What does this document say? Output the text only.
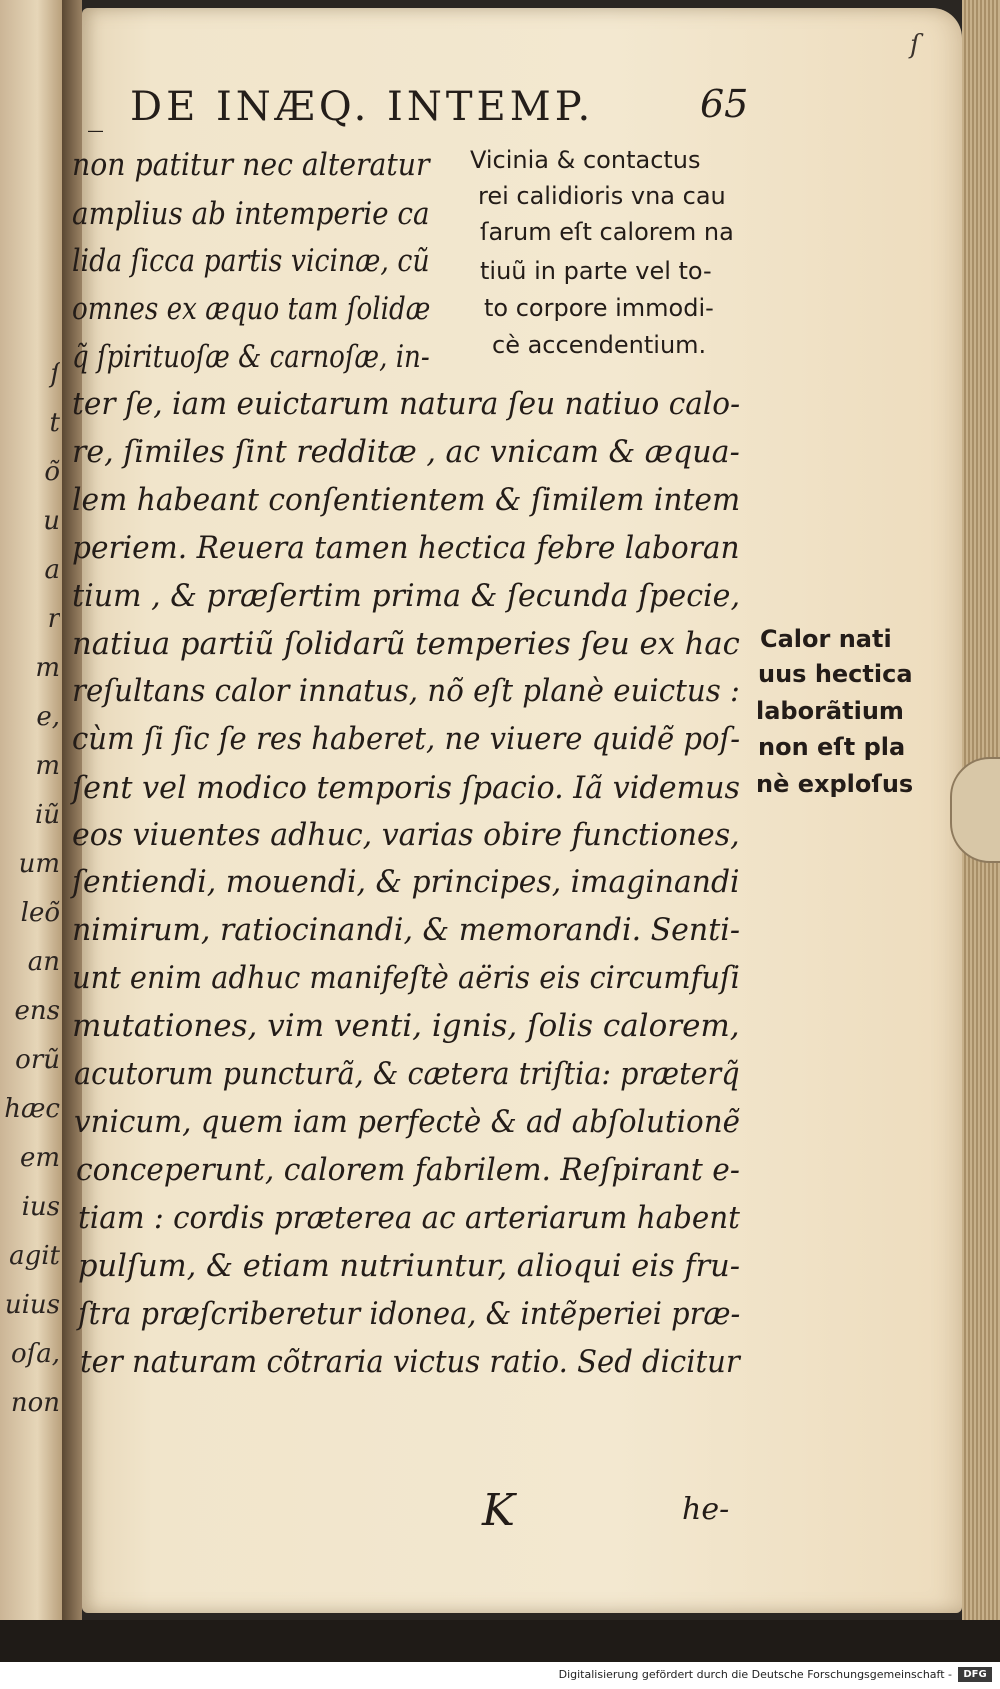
ſ
t
õ
u
a
r
m
e,
m
iũ
um
leõ
an
ens
orũ
hæc
em
ius
agit
uius
oſa,
non
_ DE INÆQ. INTEMP.	65
ſ
Vicinia & contactus
rei calidioris vna cau
ſarum eſt calorem na
tiuũ in parte vel to-
to corpore immodi-
cè accendentium.
non patitur nec alteratur
amplius ab intemperie ca
lida ſicca partis vicinæ, cũ
omnes ex æquo tam ſolidæ
q̃ ſpirituoſæ & carnoſæ, in-
ter ſe, iam euictarum natura ſeu natiuo calo-
re, ſimiles ſint redditæ , ac vnicam & æqua-
lem habeant conſentientem & ſimilem intem
periem. Reuera tamen hectica febre laboran
tium , & præſertim prima & ſecunda ſpecie,
natiua partiũ ſolidarũ temperies ſeu ex hac
reſultans calor innatus, nõ eſt planè euictus :
cùm ſi ſic ſe res haberet, ne viuere quidẽ poſ-
ſent vel modico temporis ſpacio. Iã videmus
eos viuentes adhuc, varias obire functiones,
ſentiendi, mouendi, & principes, imaginandi
nimirum, ratiocinandi, & memorandi. Senti-
unt enim adhuc manifeſtè aëris eis circumfuſi
mutationes, vim venti, ignis, ſolis calorem,
acutorum puncturã, & cætera triſtia: præterq̃
vnicum, quem iam perfectè & ad abſolutionẽ
conceperunt, calorem fabrilem. Reſpirant e-
tiam : cordis præterea ac arteriarum habent
pulſum, & etiam nutriuntur, alioqui eis fru-
ſtra præſcriberetur idonea, & intẽperiei præ-
ter naturam cõtraria victus ratio. Sed dicitur
Calor nati
uus hectica
laborãtium
non eſt pla
nè exploſus
K	he-
Digitalisierung gefördert durch die Deutsche Forschungsgemeinschaft -	DFG
